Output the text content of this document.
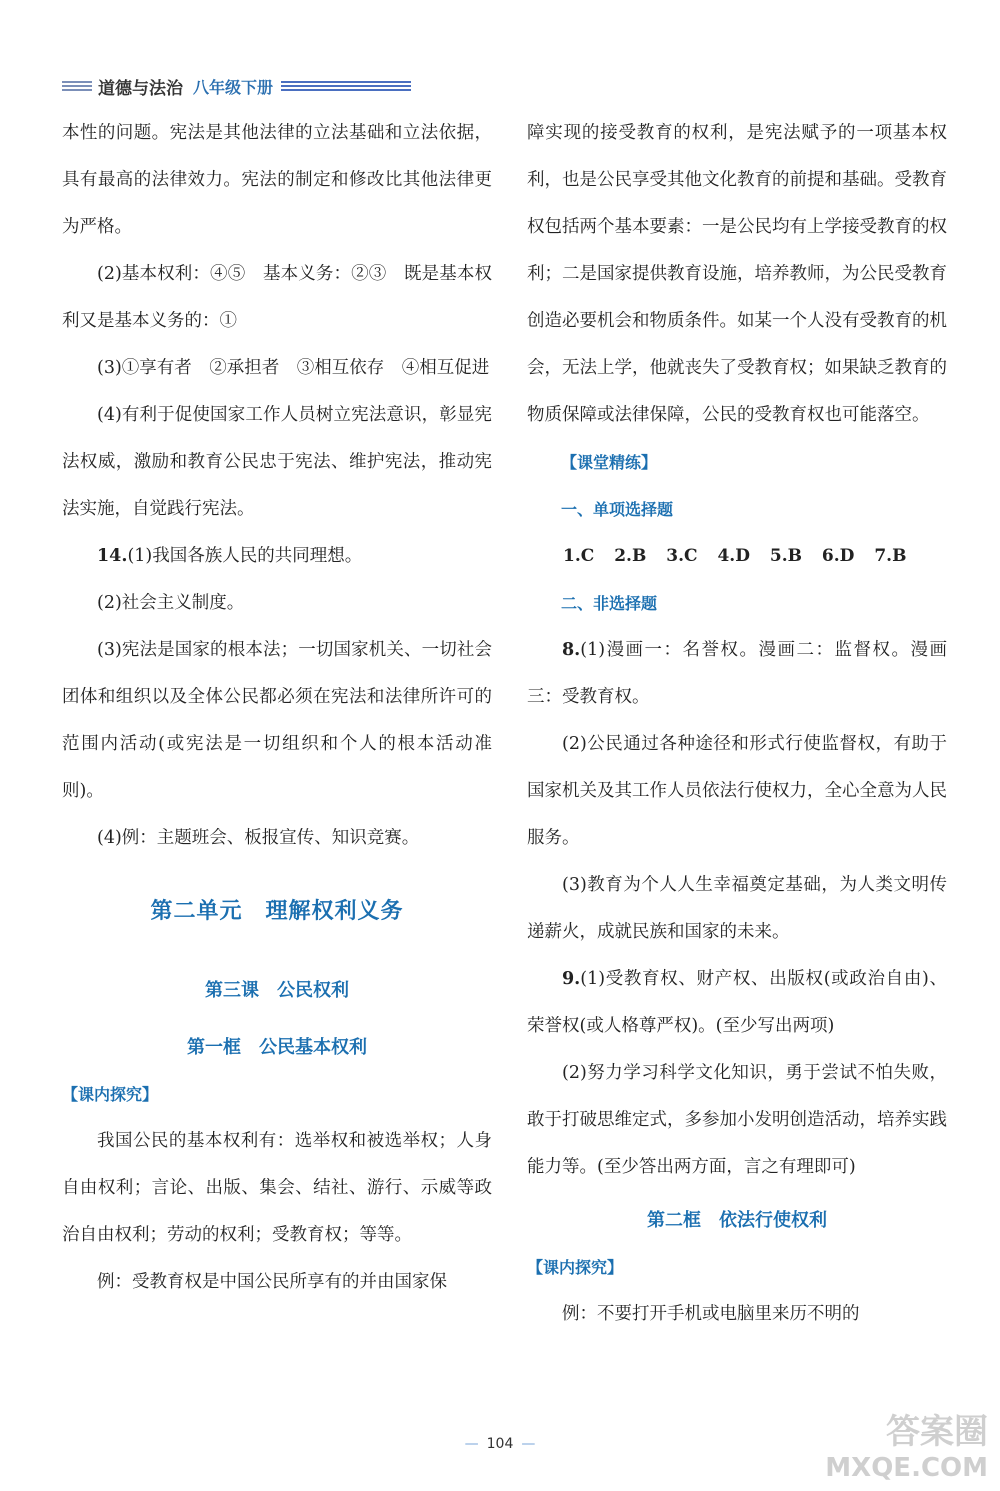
道德与法治 八年级下册

本性的问题。宪法是其他法律的立法基础和立法依据，具有最高的法律效力。宪法的制定和修改比其他法律更为严格。

(2)基本权利：④⑤　基本义务：②③　既是基本权利又是基本义务的：①

(3)①享有者　②承担者　③相互依存　④相互促进

(4)有利于促使国家工作人员树立宪法意识，彰显宪法权威，激励和教育公民忠于宪法、维护宪法，推动宪法实施，自觉践行宪法。

14.(1)我国各族人民的共同理想。

(2)社会主义制度。

(3)宪法是国家的根本法；一切国家机关、一切社会团体和组织以及全体公民都必须在宪法和法律所许可的范围内活动(或宪法是一切组织和个人的根本活动准则)。

(4)例：主题班会、板报宣传、知识竞赛。

第二单元　理解权利义务
第三课　公民权利
第一框　公民基本权利
【课内探究】

我国公民的基本权利有：选举权和被选举权；人身自由权利；言论、出版、集会、结社、游行、示威等政治自由权利；劳动的权利；受教育权；等等。

例：受教育权是中国公民所享有的并由国家保

障实现的接受教育的权利，是宪法赋予的一项基本权利，也是公民享受其他文化教育的前提和基础。受教育权包括两个基本要素：一是公民均有上学接受教育的权利；二是国家提供教育设施，培养教师，为公民受教育创造必要机会和物质条件。如某一个人没有受教育的机会，无法上学，他就丧失了受教育权；如果缺乏教育的物质保障或法律保障，公民的受教育权也可能落空。

【课堂精练】
一、单项选择题
1.C 2.B 3.C 4.D 5.B 6.D 7.B
二、非选择题

8.(1)漫画一：名誉权。漫画二：监督权。漫画三：受教育权。

(2)公民通过各种途径和形式行使监督权，有助于国家机关及其工作人员依法行使权力，全心全意为人民服务。

(3)教育为个人人生幸福奠定基础，为人类文明传递薪火，成就民族和国家的未来。

9.(1)受教育权、财产权、出版权(或政治自由)、荣誉权(或人格尊严权)。(至少写出两项)

(2)努力学习科学文化知识，勇于尝试不怕失败，敢于打破思维定式，多参加小发明创造活动，培养实践能力等。(至少答出两方面，言之有理即可)

第二框　依法行使权利
【课内探究】

例：不要打开手机或电脑里来历不明的

— 104 —	答案圈
MXQE.COM
